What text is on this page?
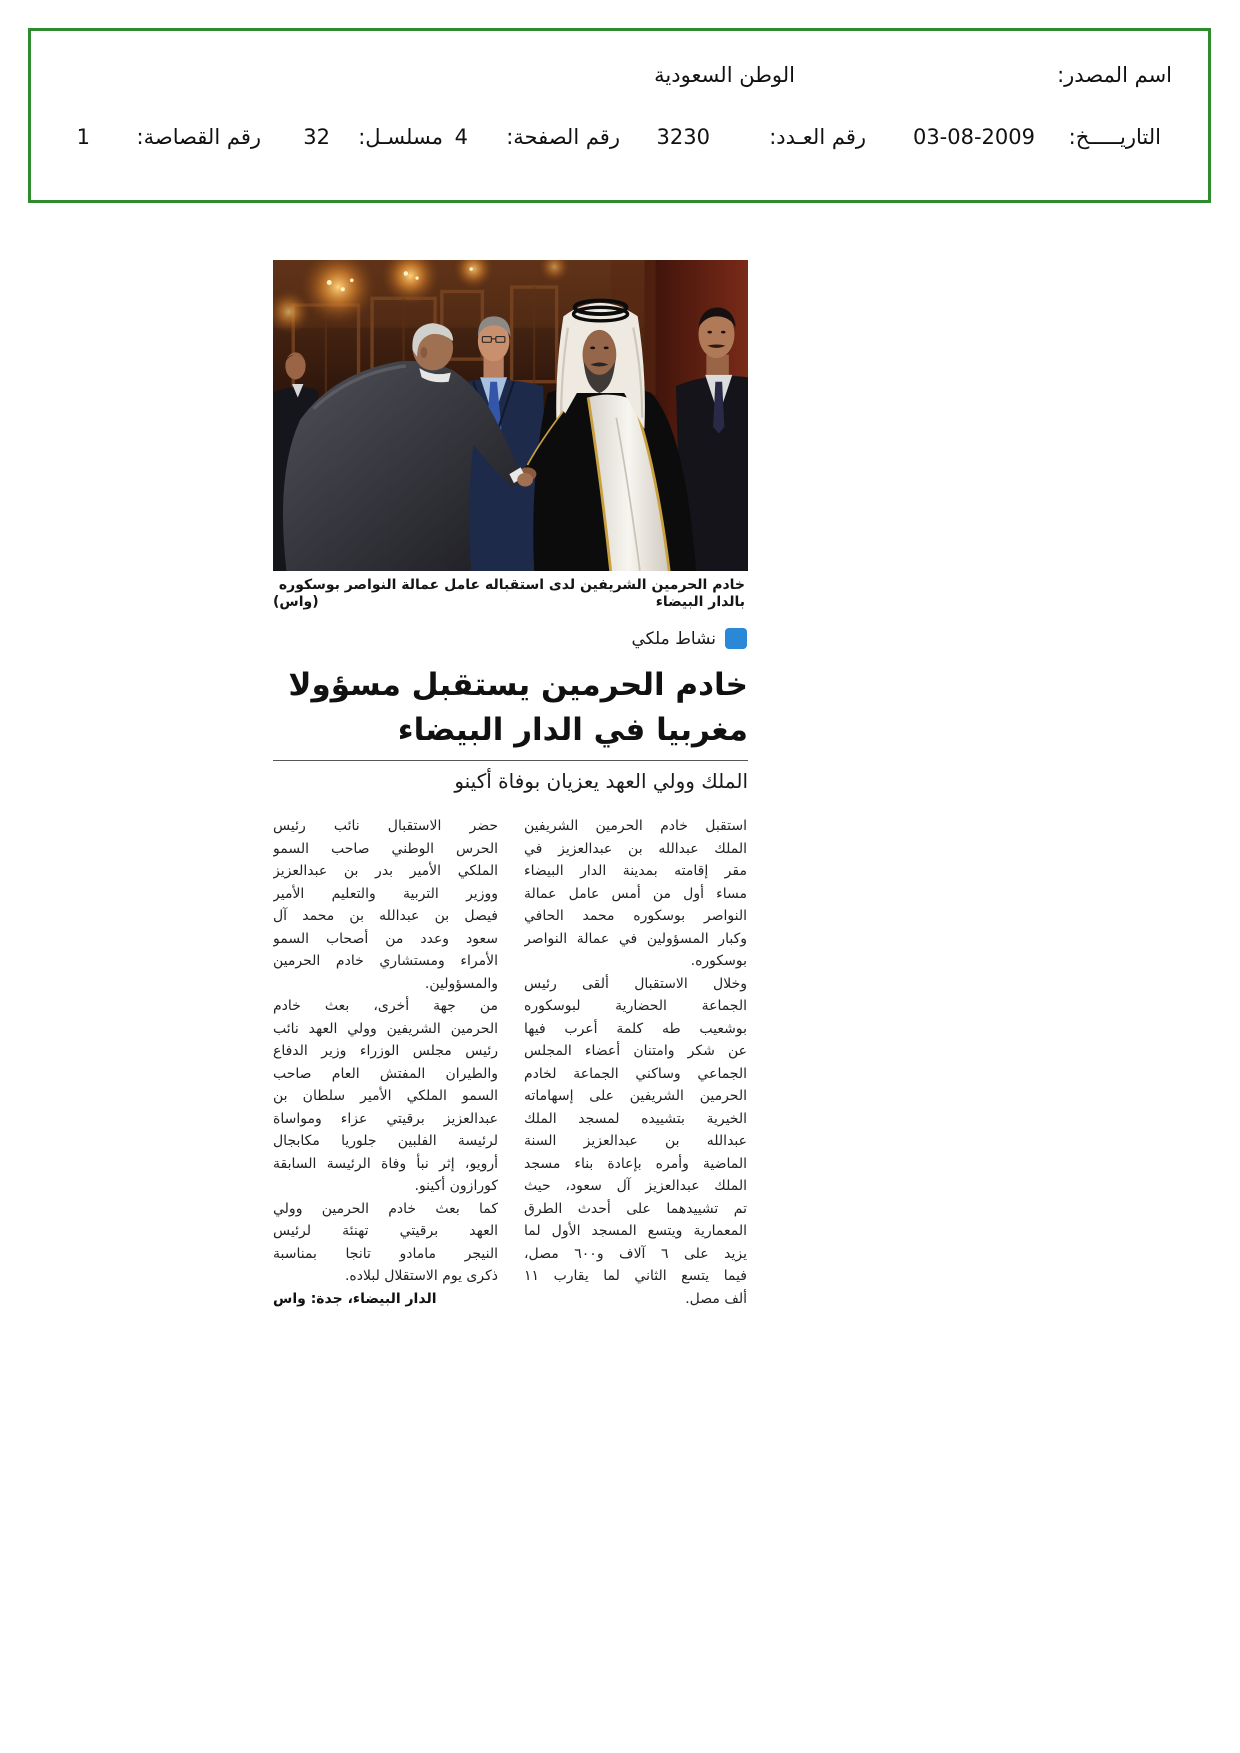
اسم المصدر:
الوطن السعودية
التاريـــــخ:
03-08-2009
رقم العـدد:
3230
رقم الصفحة:
4
مسلسـل:
32
رقم القصاصة:
1
خادم الحرمين الشريفين لدى استقباله عامل عمالة النواصر بوسكوره
بالدار البيضاء
(واس)
نشاط ملكي
خادم الحرمين يستقبل مسؤولا
مغربيا في الدار البيضاء
الملك وولي العهد يعزيان بوفاة أكينو
استقبل خادم الحرمين الشريفين
الملك عبدالله بن عبدالعزيز في
مقر إقامته بمدينة الدار البيضاء
مساء أول من أمس عامل عمالة
النواصر بوسكوره محمد الحافي
وكبار المسؤولين في عمالة النواصر
بوسكوره.
وخلال الاستقبال ألقى رئيس
الجماعة الحضارية لبوسكوره
بوشعيب طه كلمة أعرب فيها
عن شكر وامتنان أعضاء المجلس
الجماعي وساكني الجماعة لخادم
الحرمين الشريفين على إسهاماته
الخيرية بتشييده لمسجد الملك
عبدالله بن عبدالعزيز السنة
الماضية وأمره بإعادة بناء مسجد
الملك عبدالعزيز آل سعود، حيث
تم تشييدهما على أحدث الطرق
المعمارية ويتسع المسجد الأول لما
يزيد على ٦ آلاف و٦٠٠ مصل،
فيما يتسع الثاني لما يقارب ١١
ألف مصل.
حضر الاستقبال نائب رئيس
الحرس الوطني صاحب السمو
الملكي الأمير بدر بن عبدالعزيز
ووزير التربية والتعليم الأمير
فيصل بن عبدالله بن محمد آل
سعود وعدد من أصحاب السمو
الأمراء ومستشاري خادم الحرمين
والمسؤولين.
من جهة أخرى، بعث خادم
الحرمين الشريفين وولي العهد نائب
رئيس مجلس الوزراء وزير الدفاع
والطيران المفتش العام صاحب
السمو الملكي الأمير سلطان بن
عبدالعزيز برقيتي عزاء ومواساة
لرئيسة الفلبين جلوريا مكابجال
أرويو، إثر نبأ وفاة الرئيسة السابقة
كورازون أكينو.
كما بعث خادم الحرمين وولي
العهد برقيتي تهنئة لرئيس
النيجر مامادو تانجا بمناسبة
ذكرى يوم الاستقلال لبلاده.
الدار البيضاء، جدة: واس
